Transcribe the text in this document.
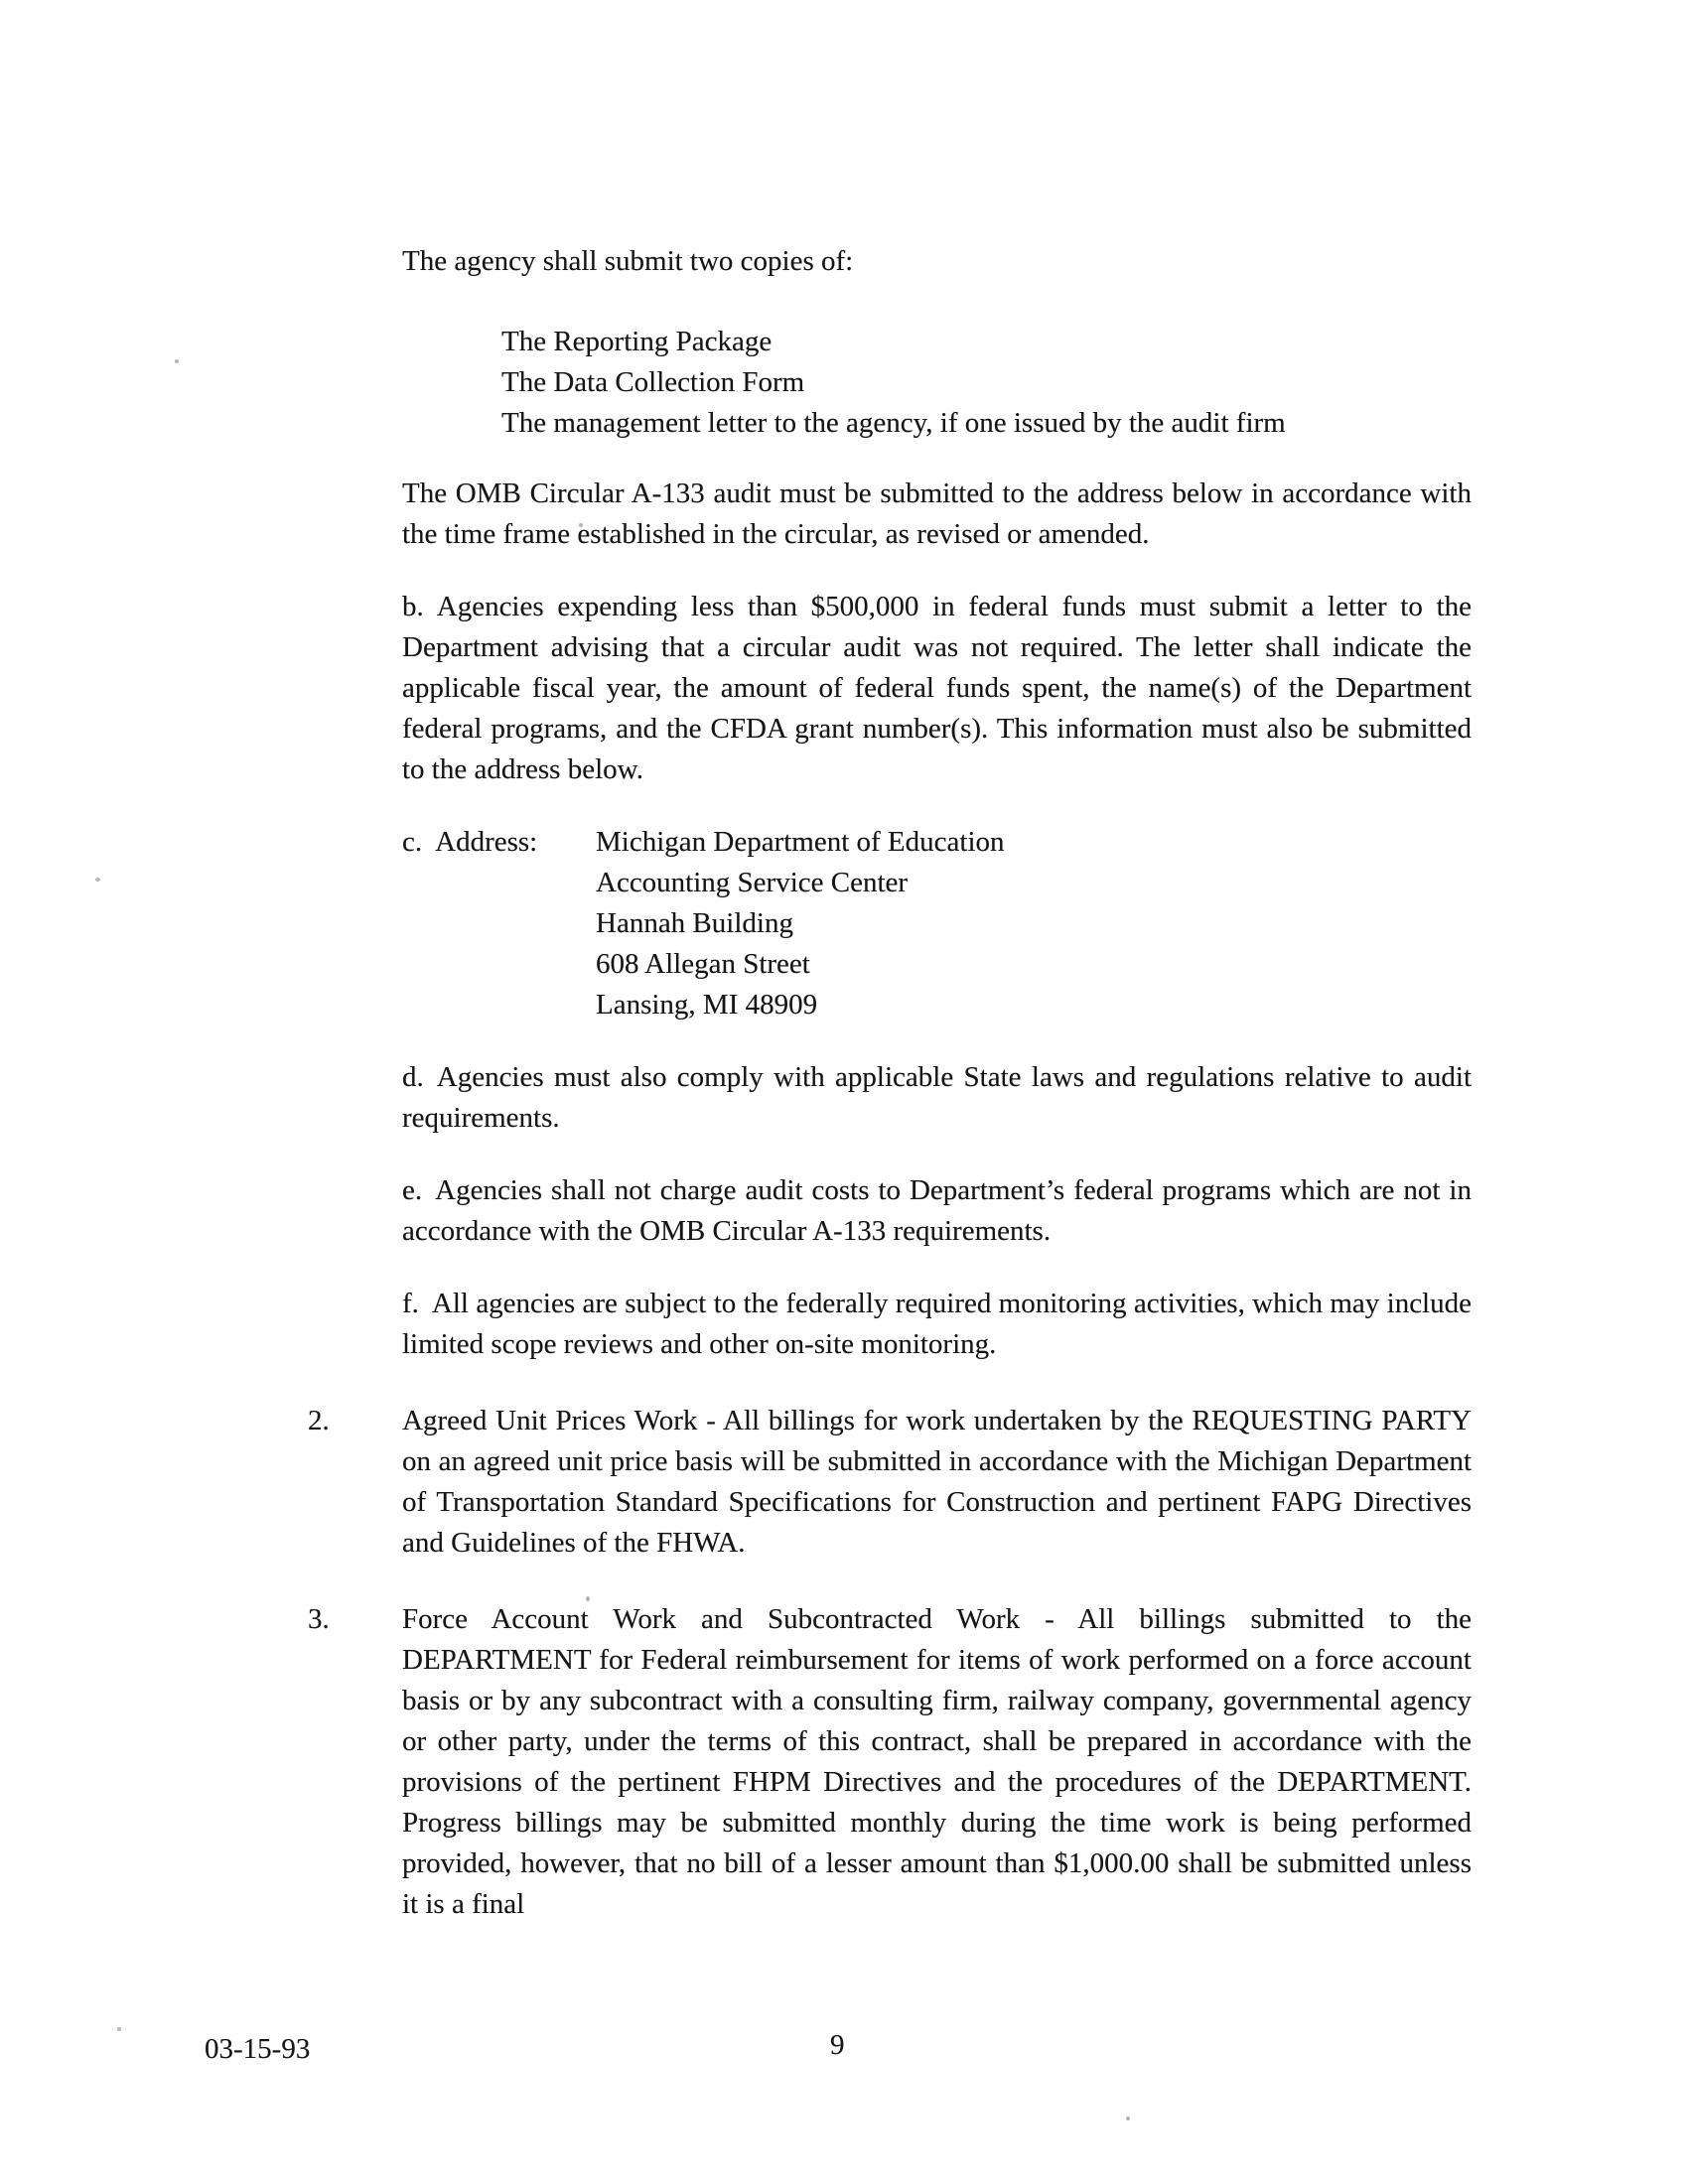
The agency shall submit two copies of:
The Reporting Package
The Data Collection Form
The management letter to the agency, if one issued by the audit firm
The OMB Circular A-133 audit must be submitted to the address below in accordance with the time frame established in the circular, as revised or amended.
b. Agencies expending less than $500,000 in federal funds must submit a letter to the Department advising that a circular audit was not required. The letter shall indicate the applicable fiscal year, the amount of federal funds spent, the name(s) of the Department federal programs, and the CFDA grant number(s). This information must also be submitted to the address below.
c. Address:	Michigan Department of Education
Accounting Service Center
Hannah Building
608 Allegan Street
Lansing, MI 48909
d. Agencies must also comply with applicable State laws and regulations relative to audit requirements.
e. Agencies shall not charge audit costs to Department’s federal programs which are not in accordance with the OMB Circular A-133 requirements.
f. All agencies are subject to the federally required monitoring activities, which may include limited scope reviews and other on-site monitoring.
2.	Agreed Unit Prices Work - All billings for work undertaken by the REQUESTING PARTY on an agreed unit price basis will be submitted in accordance with the Michigan Department of Transportation Standard Specifications for Construction and pertinent FAPG Directives and Guidelines of the FHWA.
3.	Force Account Work and Subcontracted Work - All billings submitted to the DEPARTMENT for Federal reimbursement for items of work performed on a force account basis or by any subcontract with a consulting firm, railway company, governmental agency or other party, under the terms of this contract, shall be prepared in accordance with the provisions of the pertinent FHPM Directives and the procedures of the DEPARTMENT. Progress billings may be submitted monthly during the time work is being performed provided, however, that no bill of a lesser amount than $1,000.00 shall be submitted unless it is a final
03-15-93	9
